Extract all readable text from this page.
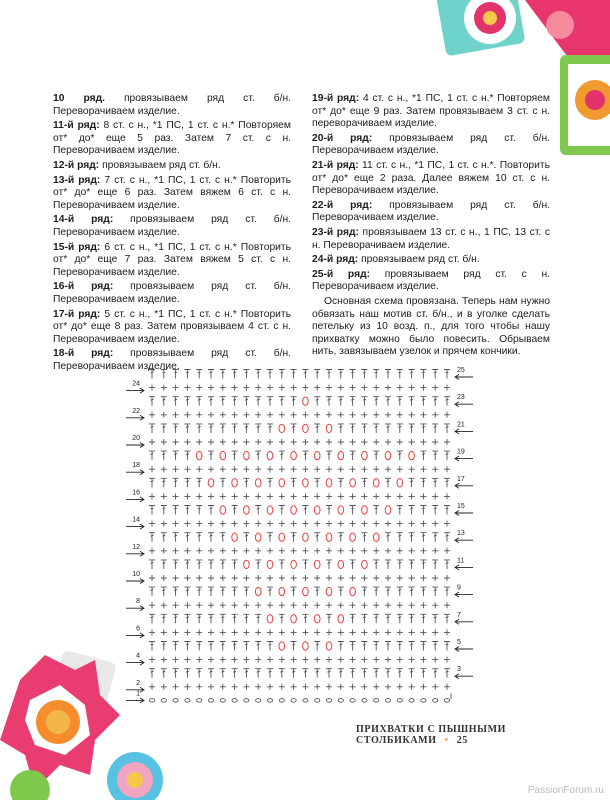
10 ряд. провязываем ряд ст. б/н. Переворачиваем изделие.

11-й ряд: 8 ст. с н., *1 ПС, 1 ст. с н.* Повторяем от* до* еще 5 раз. Затем 7 ст. с н. Переворачиваем изделие.

12-й ряд: провязываем ряд ст. б/н.

13-й ряд: 7 ст. с н., *1 ПС, 1 ст. с н.* Повторить от* до* еще 6 раз. Затем вяжем 6 ст. с н. Переворачиваем изделие.

14-й ряд: провязываем ряд ст. б/н. Переворачиваем изделие.

15-й ряд: 6 ст. с н., *1 ПС, 1 ст. с н.* Повторить от* до* еще 7 раз. Затем вяжем 5 ст. с н. Переворачиваем изделие.

16-й ряд: провязываем ряд ст. б/н. Переворачиваем изделие.

17-й ряд: 5 ст. с н., *1 ПС, 1 ст. с н.* Повторить от* до* еще 8 раз. Затем провязываем 4 ст. с н. Переворачиваем изделие.

18-й ряд: провязываем ряд ст. б/н. Переворачиваем изделие.

19-й ряд: 4 ст. с н., *1 ПС, 1 ст. с н.* Повторяем от* до* еще 9 раз. Затем провязываем 3 ст. с н. переворачиваем изделие.

20-й ряд: провязываем ряд ст. б/н. Переворачиваем изделие.

21-й ряд: 11 ст. с н., *1 ПС, 1 ст. с н.*. Повторить от* до* еще 2 раза. Далее вяжем 10 ст. с н. Переворачиваем изделие.

22-й ряд: провязываем ряд ст. б/н. Переворачиваем изделие.

23-й ряд: провязываем 13 ст. с н., 1 ПС, 13 ст. с н. Переворачиваем изделие.

24-й ряд: провязываем ряд ст. б/н.

25-й ряд: провязываем ряд ст. с н. Переворачиваем изделие.

Основная схема провязана. Теперь нам нужно обвязать наш мотив ст. б/н., и в уголке сделать петельку из 10 возд. п., для того чтобы нашу прихватку можно было повесить. Обрываем нить, завязываем узелок и прячем кончики.

24
22
20
18
16
14
12
10
8
6
4
2
1
25
23
21
19
17
15
13
11
9
7
5
3
ПРИХВАТКИ С ПЫШНЫМИ СТОЛБИКАМИ • 25
PassionForum.ru
